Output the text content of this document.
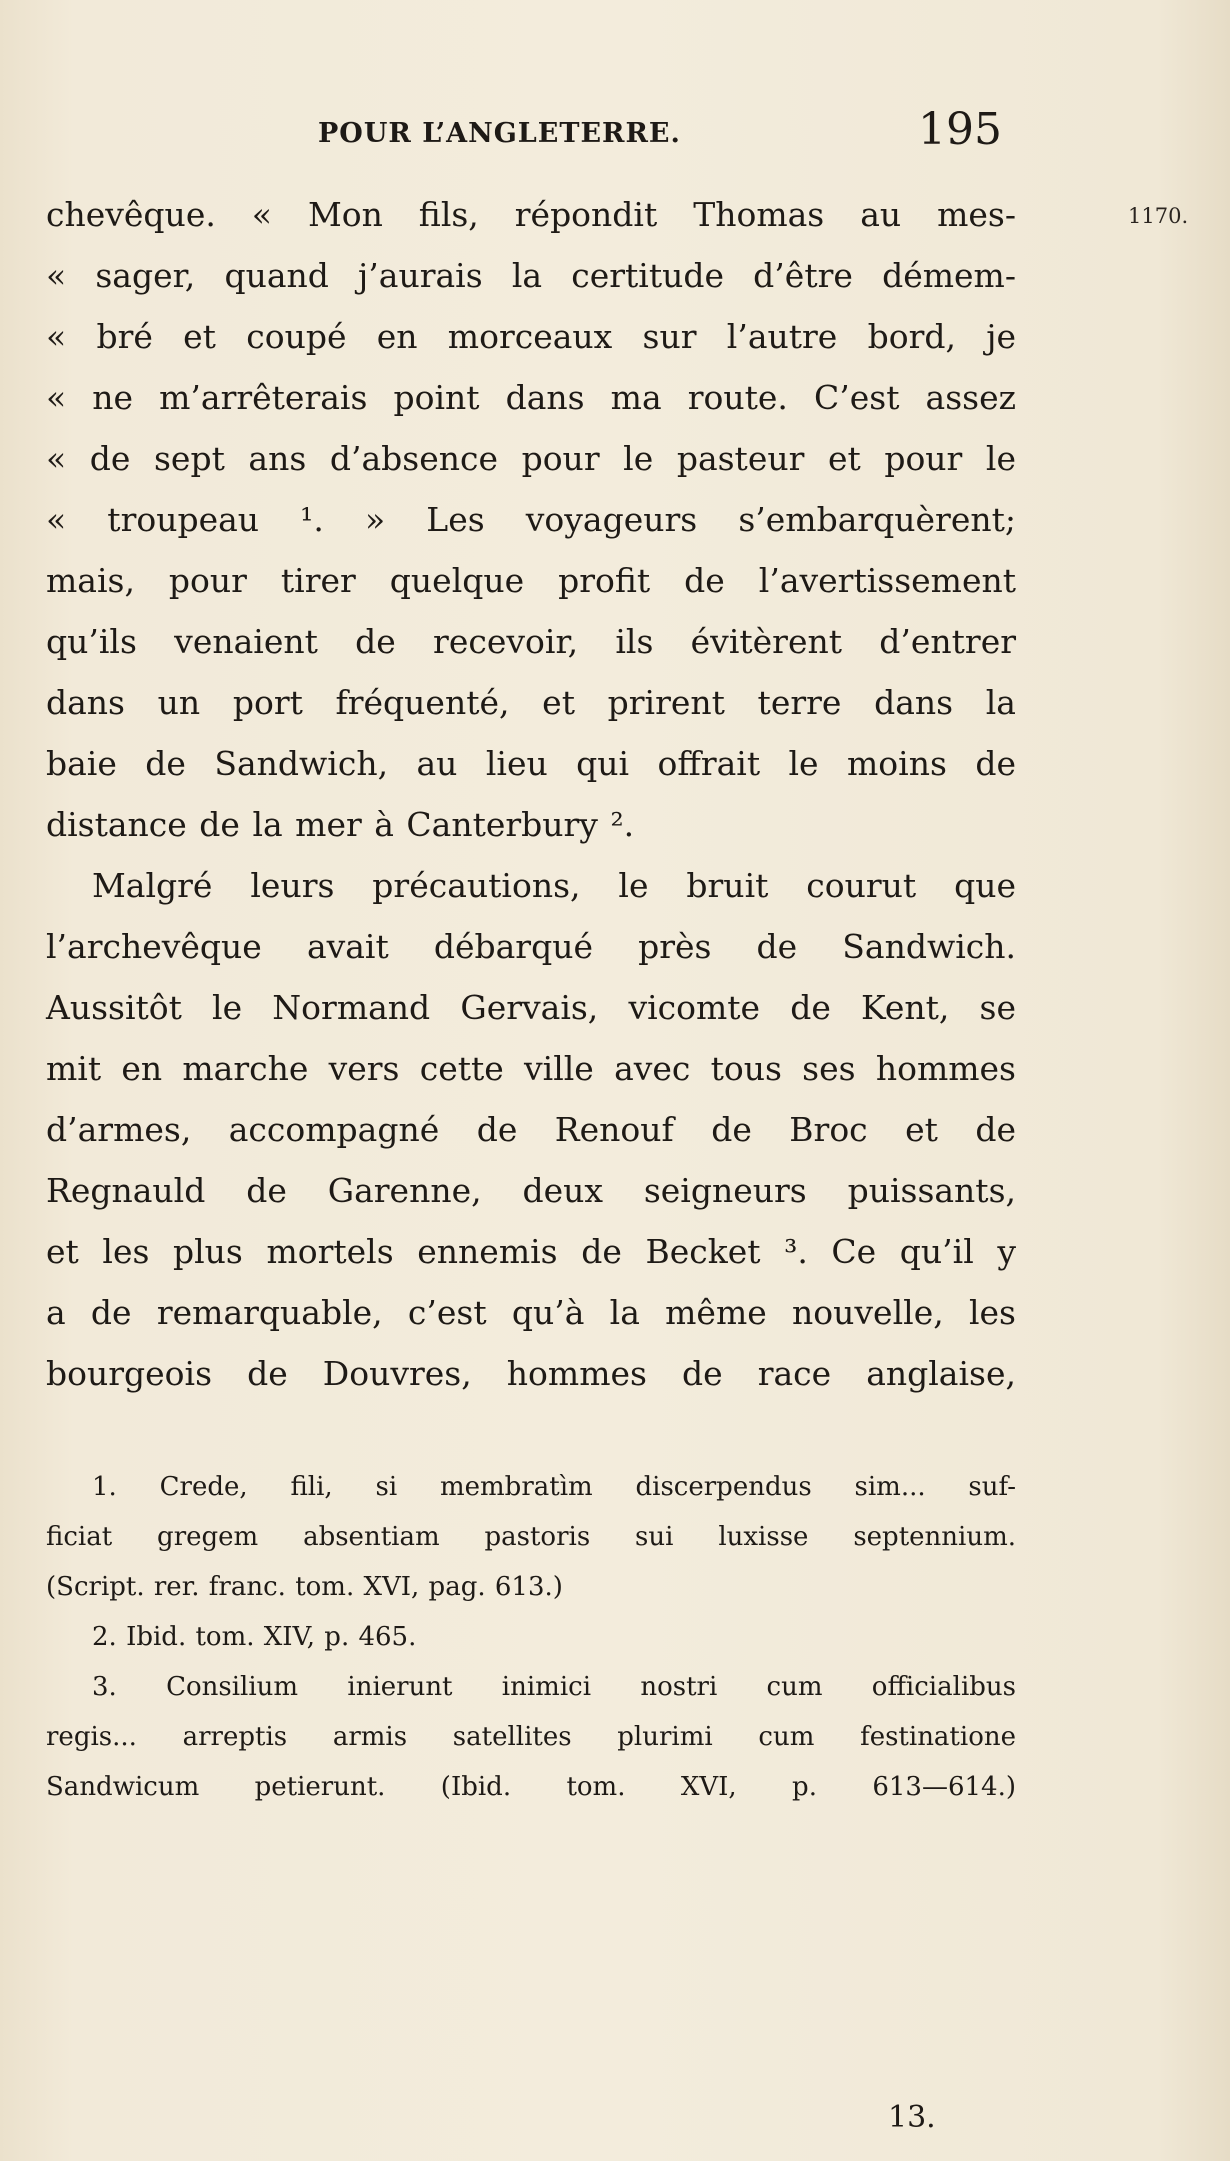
POUR L’ANGLETERRE.	195
1170.
chevêque. « Mon fils, répondit Thomas au mes-
« sager, quand j’aurais la certitude d’être démem-
« bré et coupé en morceaux sur l’autre bord, je
« ne m’arrêterais point dans ma route. C’est assez
« de sept ans d’absence pour le pasteur et pour le
« troupeau ¹. » Les voyageurs s’embarquèrent;
mais, pour tirer quelque profit de l’avertissement
qu’ils venaient de recevoir, ils évitèrent d’entrer
dans un port fréquenté, et prirent terre dans la
baie de Sandwich, au lieu qui offrait le moins de
distance de la mer à Canterbury ².
Malgré leurs précautions, le bruit courut que
l’archevêque avait débarqué près de Sandwich.
Aussitôt le Normand Gervais, vicomte de Kent, se
mit en marche vers cette ville avec tous ses hommes
d’armes, accompagné de Renouf de Broc et de
Regnauld de Garenne, deux seigneurs puissants,
et les plus mortels ennemis de Becket ³. Ce qu’il y
a de remarquable, c’est qu’à la même nouvelle, les
bourgeois de Douvres, hommes de race anglaise,
1. Crede, fili, si membratìm discerpendus sim... suf-
ficiat gregem absentiam pastoris sui luxisse septennium.
(Script. rer. franc. tom. XVI, pag. 613.)
2. Ibid. tom. XIV, p. 465.
3. Consilium inierunt inimici nostri cum officialibus
regis... arreptis armis satellites plurimi cum festinatione
Sandwicum petierunt. (Ibid. tom. XVI, p. 613—614.)
13.
